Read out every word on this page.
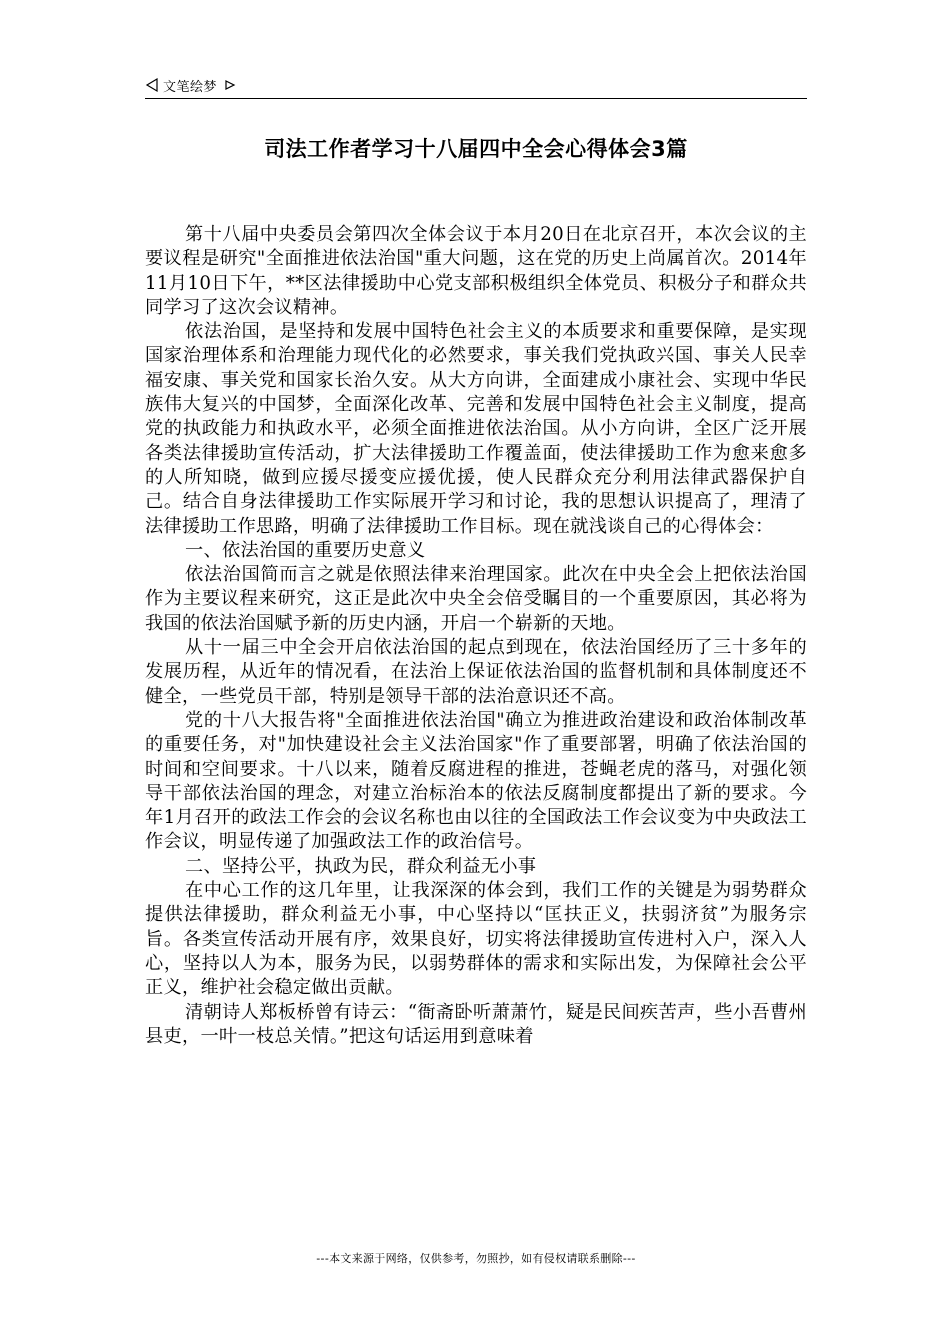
文笔绘梦
司法工作者学习十八届四中全会心得体会3篇

第十八届中央委员会第四次全体会议于本月20日在北京召开，本次会议的主要议程是研究"全面推进依法治国"重大问题，这在党的历史上尚属首次。2014年11月10日下午，**区法律援助中心党支部积极组织全体党员、积极分子和群众共同学习了这次会议精神。

依法治国，是坚持和发展中国特色社会主义的本质要求和重要保障，是实现国家治理体系和治理能力现代化的必然要求，事关我们党执政兴国、事关人民幸福安康、事关党和国家长治久安。从大方向讲，全面建成小康社会、实现中华民族伟大复兴的中国梦，全面深化改革、完善和发展中国特色社会主义制度，提高党的执政能力和执政水平，必须全面推进依法治国。从小方向讲，全区广泛开展各类法律援助宣传活动，扩大法律援助工作覆盖面，使法律援助工作为愈来愈多的人所知晓，做到应援尽援变应援优援，使人民群众充分利用法律武器保护自己。结合自身法律援助工作实际展开学习和讨论，我的思想认识提高了，理清了法律援助工作思路，明确了法律援助工作目标。现在就浅谈自己的心得体会：

一、依法治国的重要历史意义

依法治国简而言之就是依照法律来治理国家。此次在中央全会上把依法治国作为主要议程来研究，这正是此次中央全会倍受瞩目的一个重要原因，其必将为我国的依法治国赋予新的历史内涵，开启一个崭新的天地。

从十一届三中全会开启依法治国的起点到现在，依法治国经历了三十多年的发展历程，从近年的情况看，在法治上保证依法治国的监督机制和具体制度还不健全，一些党员干部，特别是领导干部的法治意识还不高。

党的十八大报告将"全面推进依法治国"确立为推进政治建设和政治体制改革的重要任务，对"加快建设社会主义法治国家"作了重要部署，明确了依法治国的时间和空间要求。十八以来，随着反腐进程的推进，苍蝇老虎的落马，对强化领导干部依法治国的理念，对建立治标治本的依法反腐制度都提出了新的要求。今年1月召开的政法工作会的会议名称也由以往的全国政法工作会议变为中央政法工作会议，明显传递了加强政法工作的政治信号。

二、坚持公平，执政为民，群众利益无小事

在中心工作的这几年里，让我深深的体会到，我们工作的关键是为弱势群众提供法律援助，群众利益无小事，中心坚持以“匡扶正义，扶弱济贫”为服务宗旨。各类宣传活动开展有序，效果良好，切实将法律援助宣传进村入户，深入人心，坚持以人为本，服务为民，以弱势群体的需求和实际出发，为保障社会公平正义，维护社会稳定做出贡献。

清朝诗人郑板桥曾有诗云：“衙斋卧听萧萧竹，疑是民间疾苦声，些小吾曹州县吏，一叶一枝总关情。”把这句话运用到意味着

---本文来源于网络，仅供参考，勿照抄，如有侵权请联系删除---
